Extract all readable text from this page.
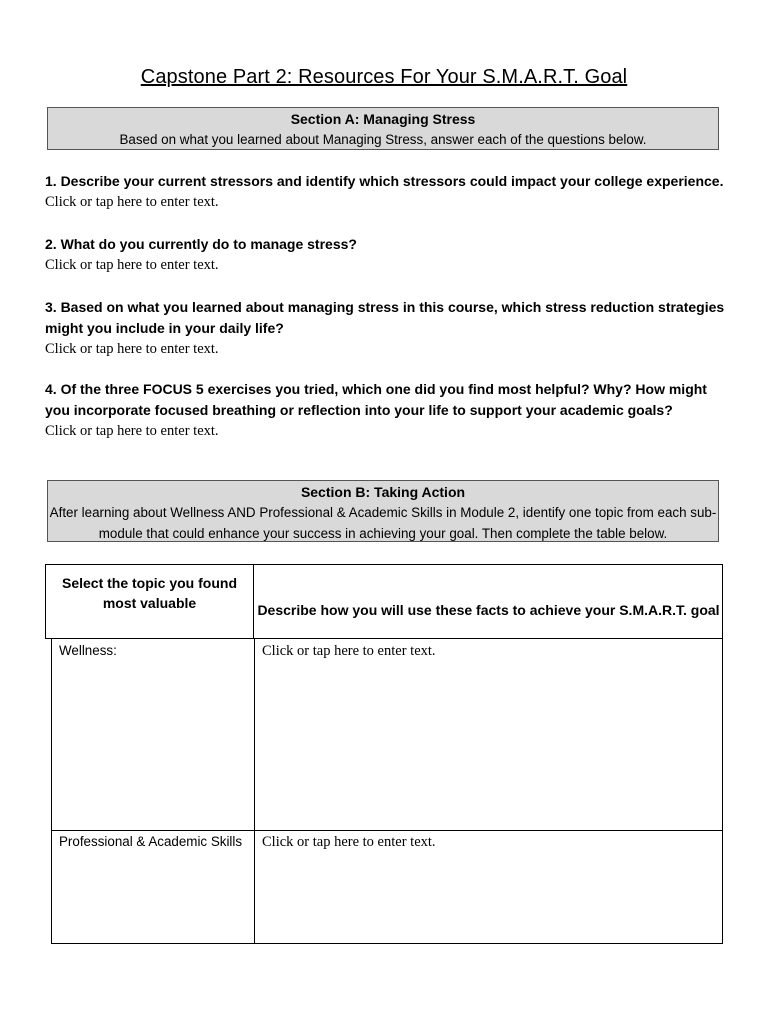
Capstone Part 2: Resources For Your S.M.A.R.T. Goal
Section A: Managing Stress
Based on what you learned about Managing Stress, answer each of the questions below.
1. Describe your current stressors and identify which stressors could impact your college experience.
Click or tap here to enter text.
2. What do you currently do to manage stress?
Click or tap here to enter text.
3. Based on what you learned about managing stress in this course, which stress reduction strategies might you include in your daily life?
Click or tap here to enter text.
4. Of the three FOCUS 5 exercises you tried, which one did you find most helpful? Why? How might you incorporate focused breathing or reflection into your life to support your academic goals?
Click or tap here to enter text.
Section B: Taking Action
After learning about Wellness AND Professional & Academic Skills in Module 2, identify one topic from each sub-module that could enhance your success in achieving your goal. Then complete the table below.
Select the topic you found most valuable	Describe how you will use these facts to achieve your S.M.A.R.T. goal
Wellness:	Click or tap here to enter text.
Professional & Academic Skills	Click or tap here to enter text.
